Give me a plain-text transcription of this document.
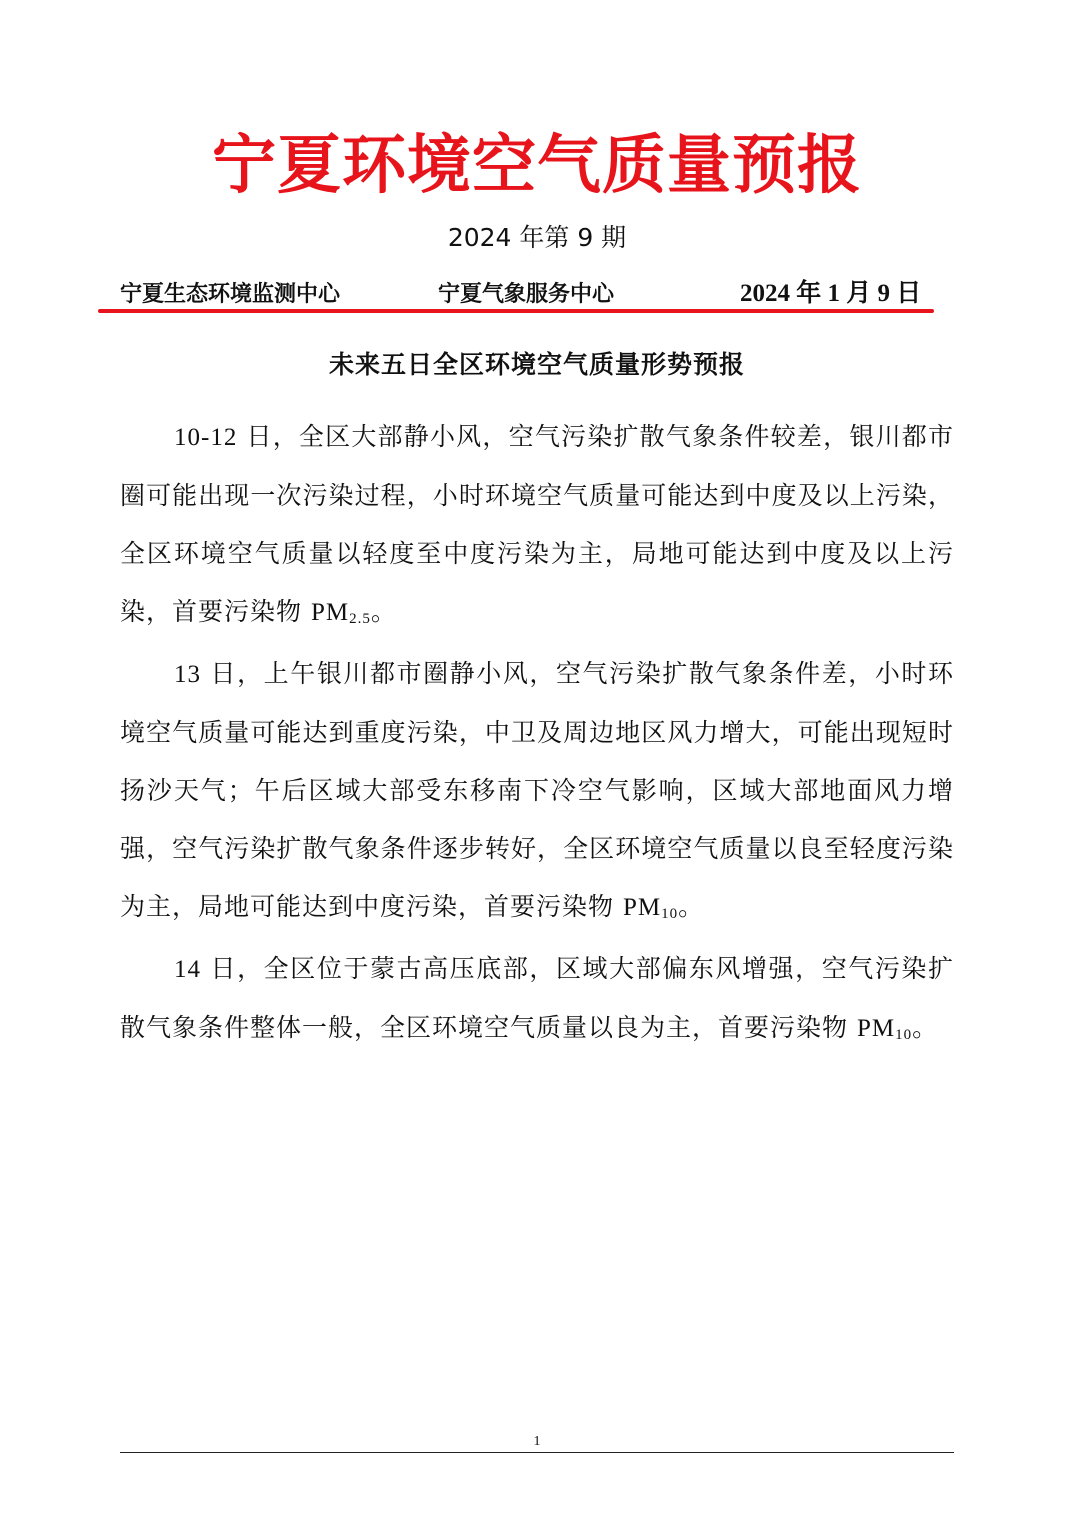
宁夏环境空气质量预报
2024 年第 9 期
宁夏生态环境监测中心	宁夏气象服务中心	2024 年 1 月 9 日
未来五日全区环境空气质量形势预报

10-12 日，全区大部静小风，空气污染扩散气象条件较差，银川都市圈可能出现一次污染过程，小时环境空气质量可能达到中度及以上污染，全区环境空气质量以轻度至中度污染为主，局地可能达到中度及以上污染，首要污染物 $PM_{2.5}$。

13 日，上午银川都市圈静小风，空气污染扩散气象条件差，小时环境空气质量可能达到重度污染，中卫及周边地区风力增大，可能出现短时扬沙天气；午后区域大部受东移南下冷空气影响，区域大部地面风力增强，空气污染扩散气象条件逐步转好，全区环境空气质量以良至轻度污染为主，局地可能达到中度污染，首要污染物 $PM_{10}$。

14 日，全区位于蒙古高压底部，区域大部偏东风增强，空气污染扩散气象条件整体一般，全区环境空气质量以良为主，首要污染物 $PM_{10}$。

1
